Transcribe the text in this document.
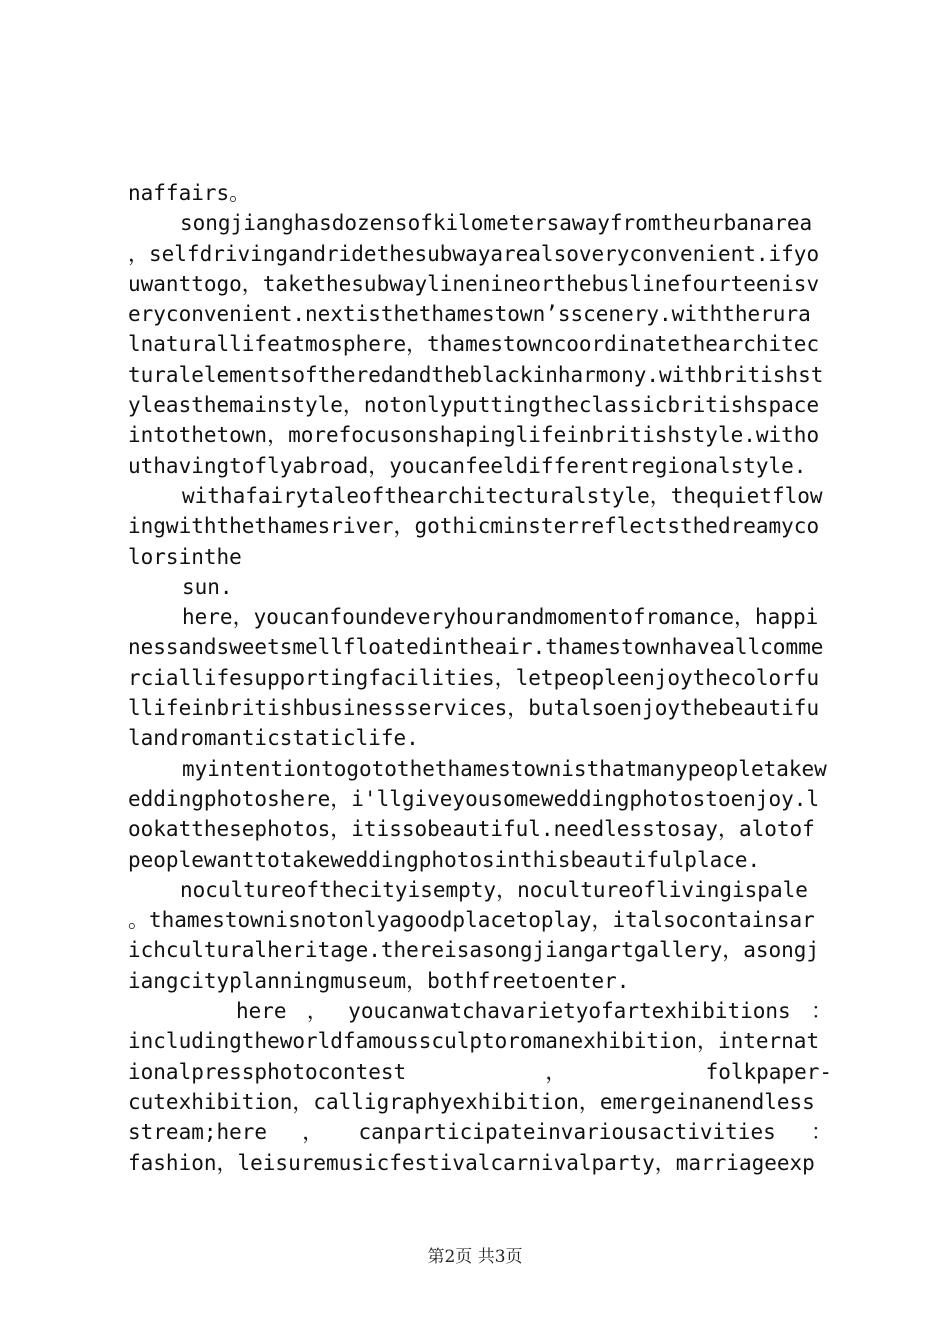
naffairs。
songjianghasdozensofkilometersawayfromtheurbanarea
，selfdrivingandridethesubwayarealsoveryconvenient.ifyo
uwanttogo，takethesubwaylinenineorthebuslinefourteenisv
eryconvenient.nextisthethamestown’sscenery.withtherura
lnaturallifeatmosphere，thamestowncoordinatethearchitec
turalelementsoftheredandtheblackinharmony.withbritishst
yleasthemainstyle，notonlyputtingtheclassicbritishspace
intothetown，morefocusonshapinglifeinbritishstyle.witho
uthavingtoflyabroad，youcanfeeldifferentregionalstyle.
withafairytaleofthearchitecturalstyle，thequietflow
ingwiththethamesriver，gothicminsterreflectsthedreamyco
lorsinthe
sun.
here，youcanfoundeveryhourandmomentofromance，happi
nessandsweetsmellfloatedintheair.thamestownhaveallcomme
rciallifesupportingfacilities，letpeopleenjoythecolorfu
llifeinbritishbusinessservices，butalsoenjoythebeautifu
landromanticstaticlife.
myintentiontogotothethamestownisthatmanypeopletakew
eddingphotoshere，i'llgiveyousomeweddingphotostoenjoy.l
ookatthesephotos，itissobeautiful.needlesstosay，alotof
peoplewanttotakeweddingphotosinthisbeautifulplace.
nocultureofthecityisempty，nocultureoflivingispale
。thamestownisnotonlyagoodplacetoplay，italsocontainsar
ichculturalheritage.thereisasongjiangartgallery，asongj
iangcityplanningmuseum，bothfreetoenter.
here ， youcanwatchavarietyofartexhibitions ：
includingtheworldfamoussculptoromanexhibition，internat
ionalpressphotocontest	，	folkpaper-
cutexhibition，calligraphyexhibition，emergeinanendless
stream;here ， canparticipateinvariousactivities ：
fashion，leisuremusicfestivalcarnivalparty，marriageexp
第2页 共3页
